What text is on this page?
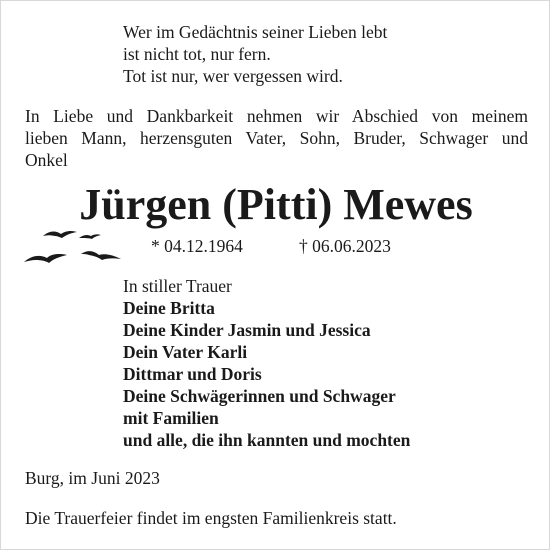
Wer im Gedächtnis seiner Lieben lebt
ist nicht tot, nur fern.
Tot ist nur, wer vergessen wird.
In Liebe und Dankbarkeit nehmen wir Abschied von meinem
lieben Mann, herzensguten Vater, Sohn, Bruder, Schwager und
Onkel
Jürgen (Pitti) Mewes
* 04.12.1964	† 06.06.2023
In stiller Trauer
Deine Britta
Deine Kinder Jasmin und Jessica
Dein Vater Karli
Dittmar und Doris
Deine Schwägerinnen und Schwager
mit Familien
und alle, die ihn kannten und mochten
Burg, im Juni 2023
Die Trauerfeier findet im engsten Familienkreis statt.
